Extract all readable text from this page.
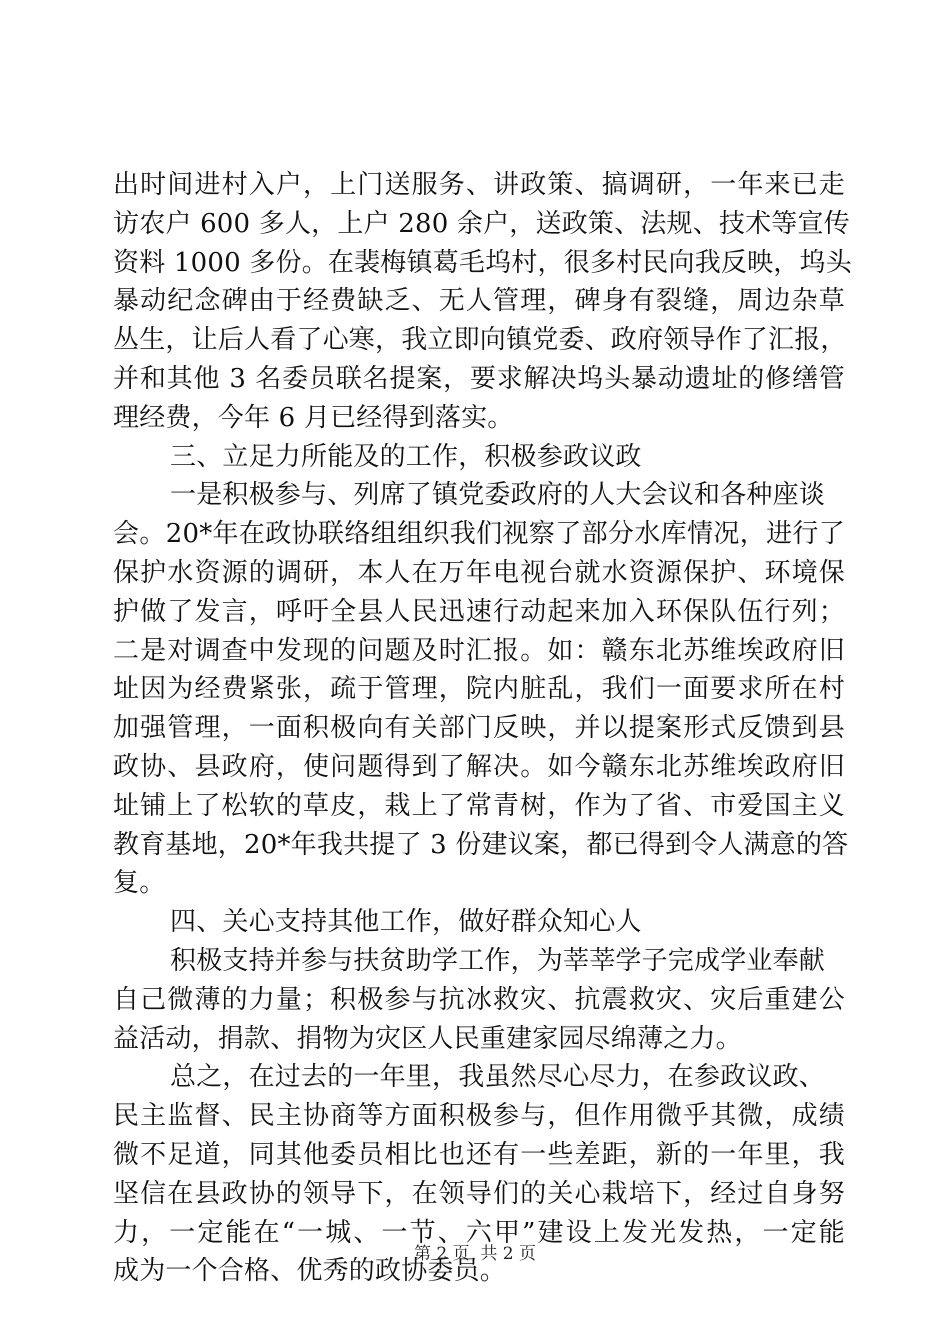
出时间进村入户，上门送服务、讲政策、搞调研，一年来已走
访农户 600 多人，上户 280 余户，送政策、法规、技术等宣传
资料 1000 多份。在裴梅镇葛毛坞村，很多村民向我反映，坞头
暴动纪念碑由于经费缺乏、无人管理，碑身有裂缝，周边杂草
丛生，让后人看了心寒，我立即向镇党委、政府领导作了汇报，
并和其他 3 名委员联名提案，要求解决坞头暴动遗址的修缮管
理经费，今年 6 月已经得到落实。
三、立足力所能及的工作，积极参政议政
一是积极参与、列席了镇党委政府的人大会议和各种座谈
会。20*年在政协联络组组织我们视察了部分水库情况，进行了
保护水资源的调研，本人在万年电视台就水资源保护、环境保
护做了发言，呼吁全县人民迅速行动起来加入环保队伍行列；
二是对调查中发现的问题及时汇报。如：赣东北苏维埃政府旧
址因为经费紧张，疏于管理，院内脏乱，我们一面要求所在村
加强管理，一面积极向有关部门反映，并以提案形式反馈到县
政协、县政府，使问题得到了解决。如今赣东北苏维埃政府旧
址铺上了松软的草皮，栽上了常青树，作为了省、市爱国主义
教育基地，20*年我共提了 3 份建议案，都已得到令人满意的答
复。
四、关心支持其他工作，做好群众知心人
积极支持并参与扶贫助学工作，为莘莘学子完成学业奉献
自己微薄的力量；积极参与抗冰救灾、抗震救灾、灾后重建公
益活动，捐款、捐物为灾区人民重建家园尽绵薄之力。
总之，在过去的一年里，我虽然尽心尽力，在参政议政、
民主监督、民主协商等方面积极参与，但作用微乎其微，成绩
微不足道，同其他委员相比也还有一些差距，新的一年里，我
坚信在县政协的领导下，在领导们的关心栽培下，经过自身努
力，一定能在“一城、一节、六甲”建设上发光发热，一定能
成为一个合格、优秀的政协委员。
第 2 页  共 2 页
